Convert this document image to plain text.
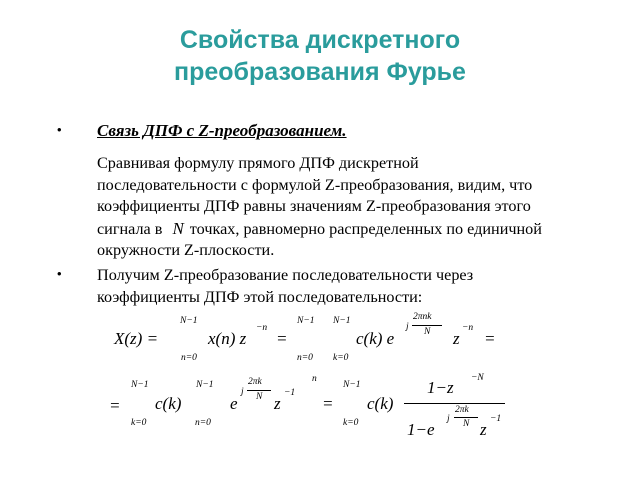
Свойства дискретного
преобразования Фурье
• Связь ДПФ с Z-преобразованием.
Сравнивая формулу прямого ДПФ дискретной
последовательности с формулой Z-преобразования, видим, что
коэффициенты ДПФ равны значениям Z-преобразования этого
сигнала в N точках, равномерно распределенных по единичной
окружности Z-плоскости.
• Получим Z-преобразование последовательности через
коэффициенты ДПФ этой последовательности:
X(z) =
N−1
n=0
x(n) z
−n
=
N−1
n=0
N−1
k=0
c(k) e
j
2πnk
N z
−n
=
n
=
N−1
k=0
c(k)
N−1
n=0
e
j
2πk
N z
−1
=
N−1
k=0
c(k)
1−z −N
1−e
j
2πk
N z
−1
